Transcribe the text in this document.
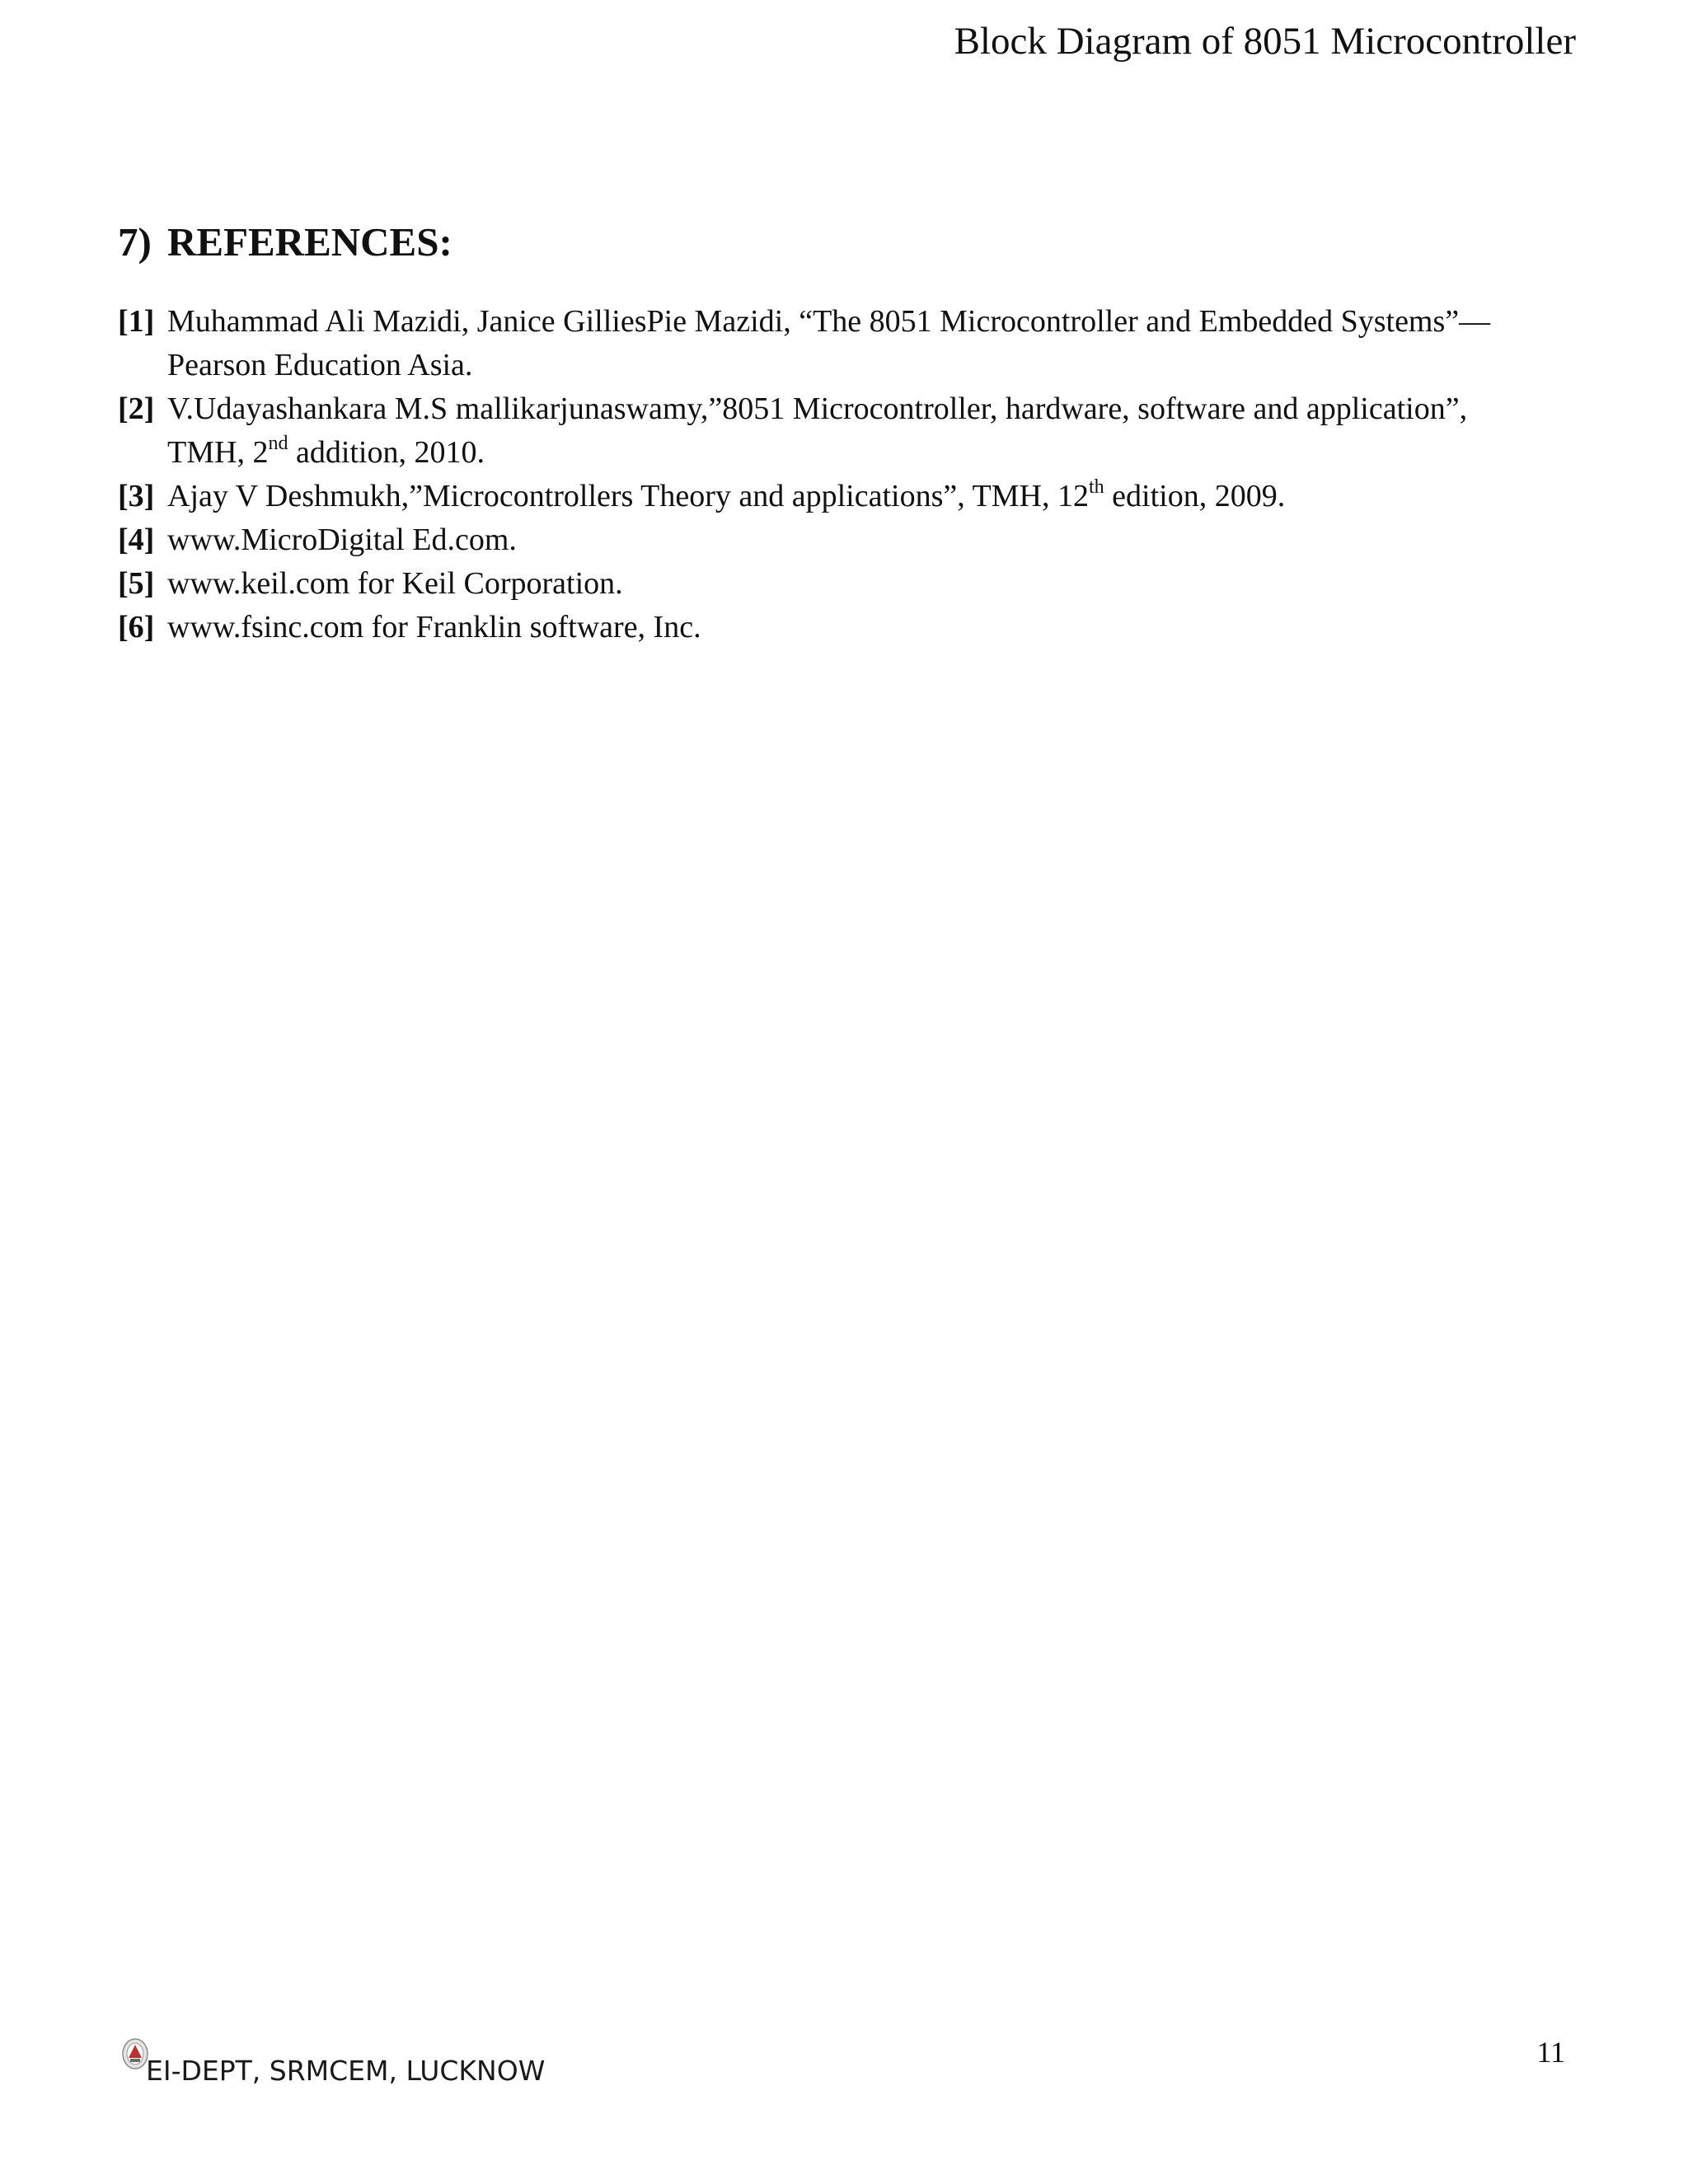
Block Diagram of 8051 Microcontroller
7) REFERENCES:
[1] Muhammad Ali Mazidi, Janice GilliesPie Mazidi, “The 8051 Microcontroller and Embedded Systems”—
Pearson Education Asia.
[2] V.Udayashankara M.S mallikarjunaswamy,”8051 Microcontroller, hardware, software and application”,
TMH, 2nd addition, 2010.
[3] Ajay V Deshmukh,”Microcontrollers Theory and applications”, TMH, 12th edition, 2009.
[4] www.MicroDigital Ed.com.
[5] www.keil.com for Keil Corporation.
[6] www.fsinc.com for Franklin software, Inc.
EI-DEPT, SRMCEM, LUCKNOW
11
